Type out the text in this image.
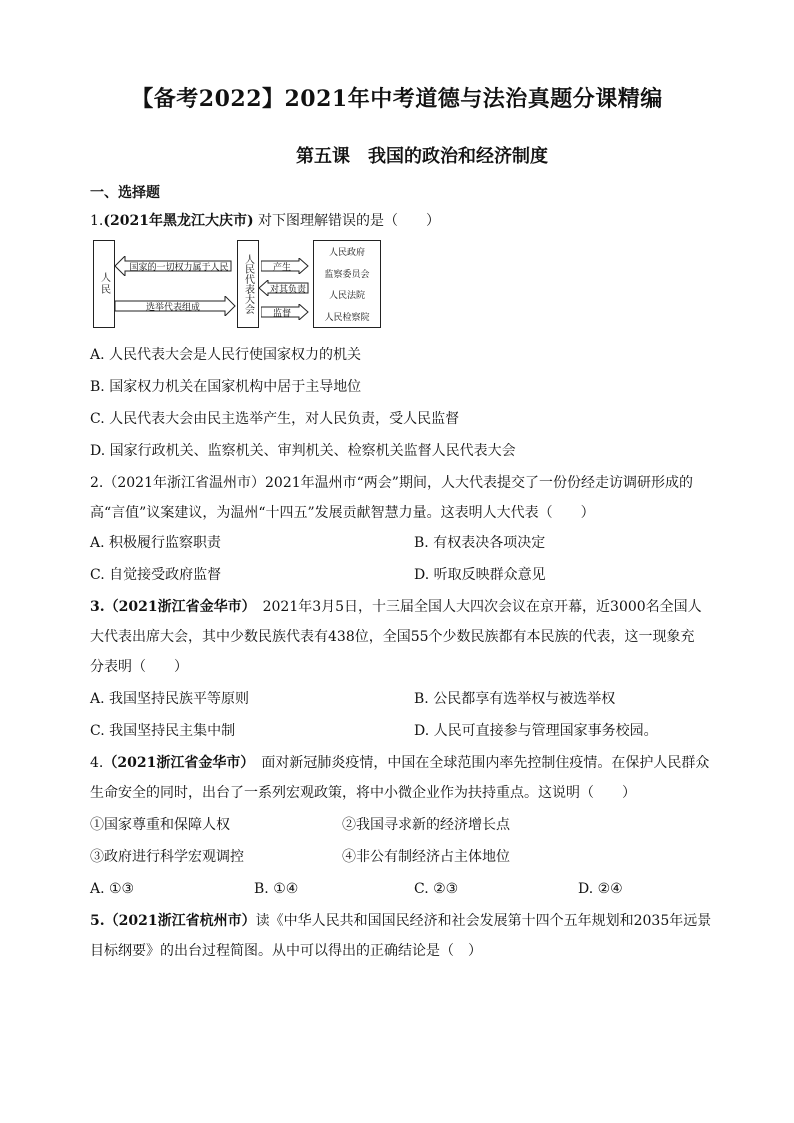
【备考2022】2021年中考道德与法治真题分课精编
第五课　我国的政治和经济制度
一、选择题
1.(2021年黑龙江大庆市) 对下图理解错误的是（　　）
人民
国家的一切权力属于人民
选举代表组成	人民代表大会	产生
对其负责
监督
人民政府
监察委员会
人民法院
人民检察院
A. 人民代表大会是人民行使国家权力的机关
B. 国家权力机关在国家机构中居于主导地位
C. 人民代表大会由民主选举产生，对人民负责，受人民监督
D. 国家行政机关、监察机关、审判机关、检察机关监督人民代表大会
2.（2021年浙江省温州市）2021年温州市“两会”期间，人大代表提交了一份份经走访调研形成的
高“言值”议案建议，为温州“十四五”发展贡献智慧力量。这表明人大代表（　　）
A. 积极履行监察职责	B. 有权表决各项决定
C. 自觉接受政府监督	D. 听取反映群众意见
3.（2021浙江省金华市）　 2021年3月5日，十三届全国人大四次会议在京开幕，近3000名全国人
大代表出席大会，其中少数民族代表有438位，全国55个少数民族都有本民族的代表，这一现象充
分表明（　　）
A. 我国坚持民族平等原则	B. 公民都享有选举权与被选举权
C. 我国坚持民主集中制	D. 人民可直接参与管理国家事务校园。
4.（2021浙江省金华市）　 面对新冠肺炎疫情，中国在全球范围内率先控制住疫情。在保护人民群众
生命安全的同时，出台了一系列宏观政策，将中小微企业作为扶持重点。这说明（　　）
①国家尊重和保障人权	②我国寻求新的经济增长点
③政府进行科学宏观调控	④非公有制经济占主体地位
A. ①③	B. ①④	C. ②③	D. ②④
5.（2021浙江省杭州市）读《中华人民共和国国民经济和社会发展第十四个五年规划和2035年远景
目标纲要》的出台过程简图。从中可以得出的正确结论是（　）
